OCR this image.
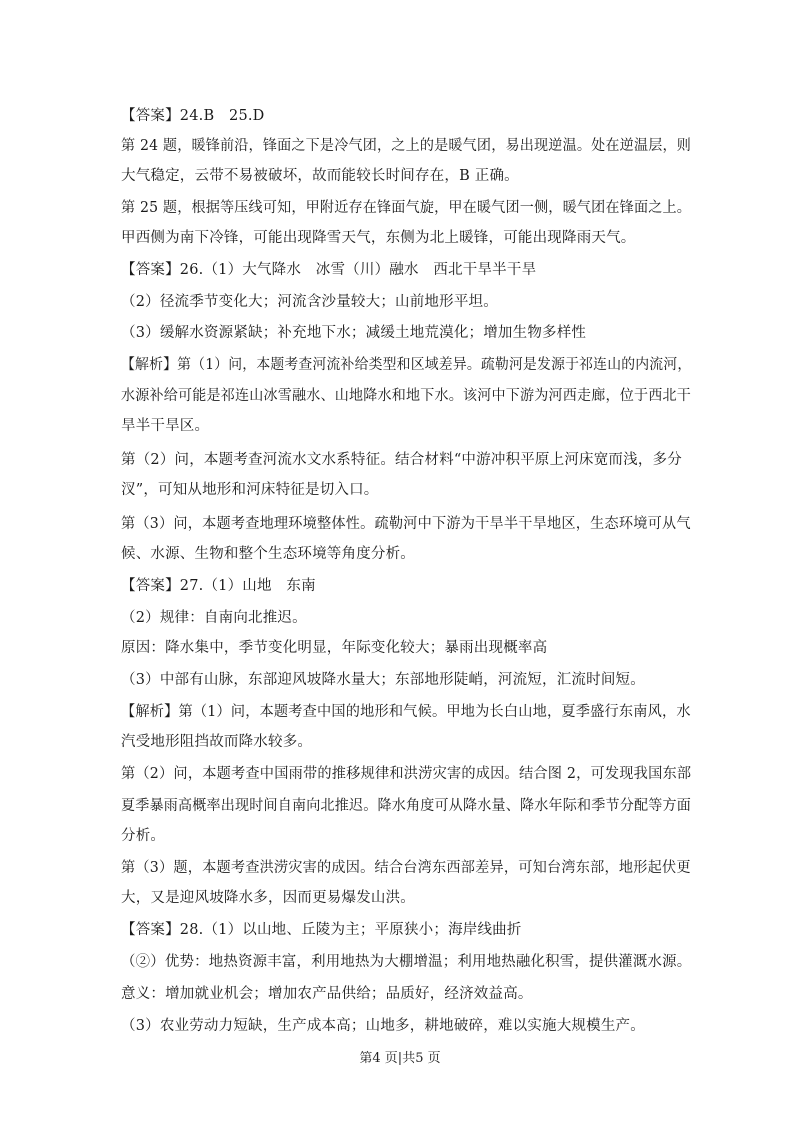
【答案】24.B　25.D
第 24 题，暖锋前沿，锋面之下是冷气团，之上的是暖气团，易出现逆温。处在逆温层，则
大气稳定，云带不易被破坏，故而能较长时间存在，B 正确。
第 25 题，根据等压线可知，甲附近存在锋面气旋，甲在暖气团一侧，暖气团在锋面之上。
甲西侧为南下冷锋，可能出现降雪天气，东侧为北上暖锋，可能出现降雨天气。
【答案】26.（1）大气降水　冰雪（川）融水　西北干旱半干旱
（2）径流季节变化大；河流含沙量较大；山前地形平坦。
（3）缓解水资源紧缺；补充地下水；减缓土地荒漠化；增加生物多样性
【解析】第（1）问，本题考查河流补给类型和区域差异。疏勒河是发源于祁连山的内流河，
水源补给可能是祁连山冰雪融水、山地降水和地下水。该河中下游为河西走廊，位于西北干
旱半干旱区。
第（2）问，本题考查河流水文水系特征。结合材料“中游冲积平原上河床宽而浅，多分
汊”，可知从地形和河床特征是切入口。
第（3）问，本题考查地理环境整体性。疏勒河中下游为干旱半干旱地区，生态环境可从气
候、水源、生物和整个生态环境等角度分析。
【答案】27.（1）山地　东南
（2）规律：自南向北推迟。
原因：降水集中，季节变化明显，年际变化较大；暴雨出现概率高
（3）中部有山脉，东部迎风坡降水量大；东部地形陡峭，河流短，汇流时间短。
【解析】第（1）问，本题考查中国的地形和气候。甲地为长白山地，夏季盛行东南风，水
汽受地形阻挡故而降水较多。
第（2）问，本题考查中国雨带的推移规律和洪涝灾害的成因。结合图 2，可发现我国东部
夏季暴雨高概率出现时间自南向北推迟。降水角度可从降水量、降水年际和季节分配等方面
分析。
第（3）题，本题考查洪涝灾害的成因。结合台湾东西部差异，可知台湾东部，地形起伏更
大，又是迎风坡降水多，因而更易爆发山洪。
【答案】28.（1）以山地、丘陵为主；平原狭小；海岸线曲折
（②）优势：地热资源丰富，利用地热为大棚增温；利用地热融化积雪，提供灌溉水源。
意义：增加就业机会；增加农产品供给；品质好，经济效益高。
（3）农业劳动力短缺，生产成本高；山地多，耕地破碎，难以实施大规模生产。
第4 页|共5 页
